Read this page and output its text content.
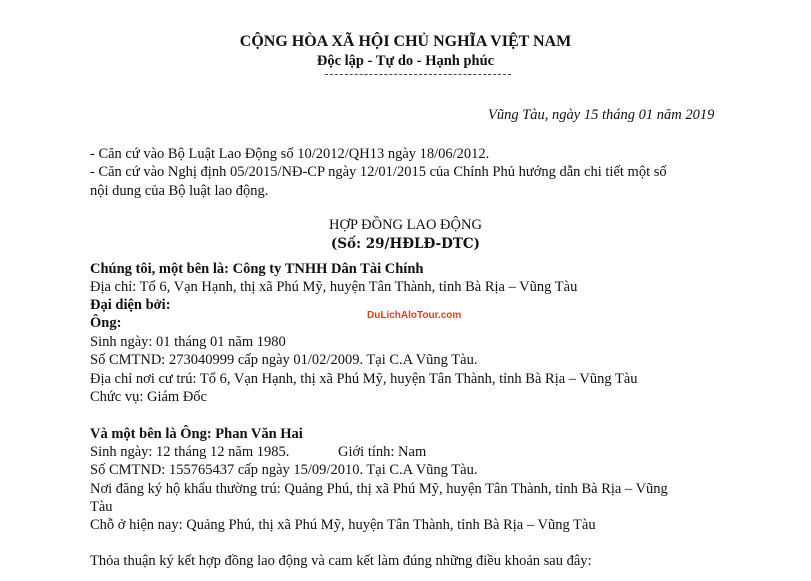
CỘNG HÒA XÃ HỘI CHỦ NGHĨA VIỆT NAM
Độc lập - Tự do - Hạnh phúc
Vũng Tàu, ngày 15 tháng 01 năm 2019
- Căn cứ vào Bộ Luật Lao Động số 10/2012/QH13 ngày 18/06/2012.
- Căn cứ vào Nghị định 05/2015/NĐ-CP ngày 12/01/2015 của Chính Phủ hướng dẫn chi tiết một số
nội dung của Bộ luật lao động.
HỢP ĐỒNG LAO ĐỘNG
(Số: 29/HĐLĐ-DTC)
Chúng tôi, một bên là: Công ty TNHH Dân Tài Chính
Địa chỉ: Tổ 6, Vạn Hạnh, thị xã Phú Mỹ, huyện Tân Thành, tỉnh Bà Rịa – Vũng Tàu
Đại diện bởi:
Ông:	DuLichAloTour.com
Sinh ngày: 01 tháng 01 năm 1980
Số CMTND: 273040999 cấp ngày 01/02/2009. Tại C.A Vũng Tàu.
Địa chỉ nơi cư trú: Tổ 6, Vạn Hạnh, thị xã Phú Mỹ, huyện Tân Thành, tỉnh Bà Rịa – Vũng Tàu
Chức vụ: Giám Đốc
Và một bên là Ông: Phan Văn Hai
Sinh ngày: 12 tháng 12 năm 1985.	Giới tính: Nam
Số CMTND: 155765437 cấp ngày 15/09/2010. Tại C.A Vũng Tàu.
Nơi đăng ký hộ khẩu thường trú: Quảng Phú, thị xã Phú Mỹ, huyện Tân Thành, tỉnh Bà Rịa – Vũng
Tàu
Chỗ ở hiện nay: Quảng Phú, thị xã Phú Mỹ, huyện Tân Thành, tỉnh Bà Rịa – Vũng Tàu
Thỏa thuận ký kết hợp đồng lao động và cam kết làm đúng những điều khoản sau đây:
